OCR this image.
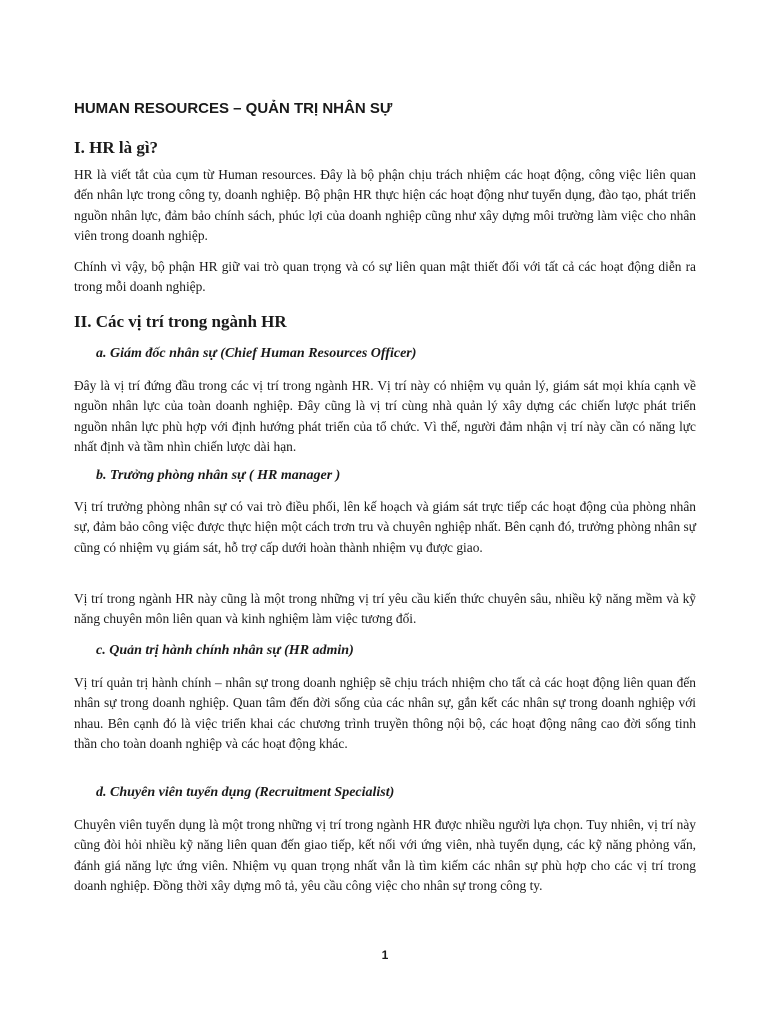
HUMAN RESOURCES – QUẢN TRỊ NHÂN SỰ
I. HR là gì?

HR là viết tắt của cụm từ Human resources. Đây là bộ phận chịu trách nhiệm các hoạt động, công việc liên quan đến nhân lực trong công ty, doanh nghiệp. Bộ phận HR thực hiện các hoạt động như tuyển dụng, đào tạo, phát triển nguồn nhân lực, đảm bảo chính sách, phúc lợi của doanh nghiệp cũng như xây dựng môi trường làm việc cho nhân viên trong doanh nghiệp.

Chính vì vậy, bộ phận HR giữ vai trò quan trọng và có sự liên quan mật thiết đối với tất cả các hoạt động diễn ra trong mỗi doanh nghiệp.

II. Các vị trí trong ngành HR
a. Giám đốc nhân sự (Chief Human Resources Officer)

Đây là vị trí đứng đầu trong các vị trí trong ngành HR. Vị trí này có nhiệm vụ quản lý, giám sát mọi khía cạnh về nguồn nhân lực của toàn doanh nghiệp. Đây cũng là vị trí cùng nhà quản lý xây dựng các chiến lược phát triển nguồn nhân lực phù hợp với định hướng phát triển của tổ chức. Vì thế, người đảm nhận vị trí này cần có năng lực nhất định và tầm nhìn chiến lược dài hạn.

b. Trưởng phòng nhân sự ( HR manager )

Vị trí trưởng phòng nhân sự có vai trò điều phối, lên kế hoạch và giám sát trực tiếp các hoạt động của phòng nhân sự, đảm bảo công việc được thực hiện một cách trơn tru và chuyên nghiệp nhất. Bên cạnh đó, trưởng phòng nhân sự cũng có nhiệm vụ giám sát, hỗ trợ cấp dưới hoàn thành nhiệm vụ được giao.

Vị trí trong ngành HR này cũng là một trong những vị trí yêu cầu kiến thức chuyên sâu, nhiều kỹ năng mềm và kỹ năng chuyên môn liên quan và kinh nghiệm làm việc tương đối.

c. Quản trị hành chính nhân sự (HR admin)

Vị trí quản trị hành chính – nhân sự trong doanh nghiệp sẽ chịu trách nhiệm cho tất cả các hoạt động liên quan đến nhân sự trong doanh nghiệp. Quan tâm đến đời sống của các nhân sự, gắn kết các nhân sự trong doanh nghiệp với nhau. Bên cạnh đó là việc triển khai các chương trình truyền thông nội bộ, các hoạt động nâng cao đời sống tinh thần cho toàn doanh nghiệp và các hoạt động khác.

d. Chuyên viên tuyển dụng (Recruitment Specialist)

Chuyên viên tuyển dụng là một trong những vị trí trong ngành HR được nhiều người lựa chọn. Tuy nhiên, vị trí này cũng đòi hỏi nhiều kỹ năng liên quan đến giao tiếp, kết nối với ứng viên, nhà tuyển dụng, các kỹ năng phỏng vấn, đánh giá năng lực ứng viên. Nhiệm vụ quan trọng nhất vẫn là tìm kiếm các nhân sự phù hợp cho các vị trí trong doanh nghiệp. Đồng thời xây dựng mô tả, yêu cầu công việc cho nhân sự trong công ty.

1
